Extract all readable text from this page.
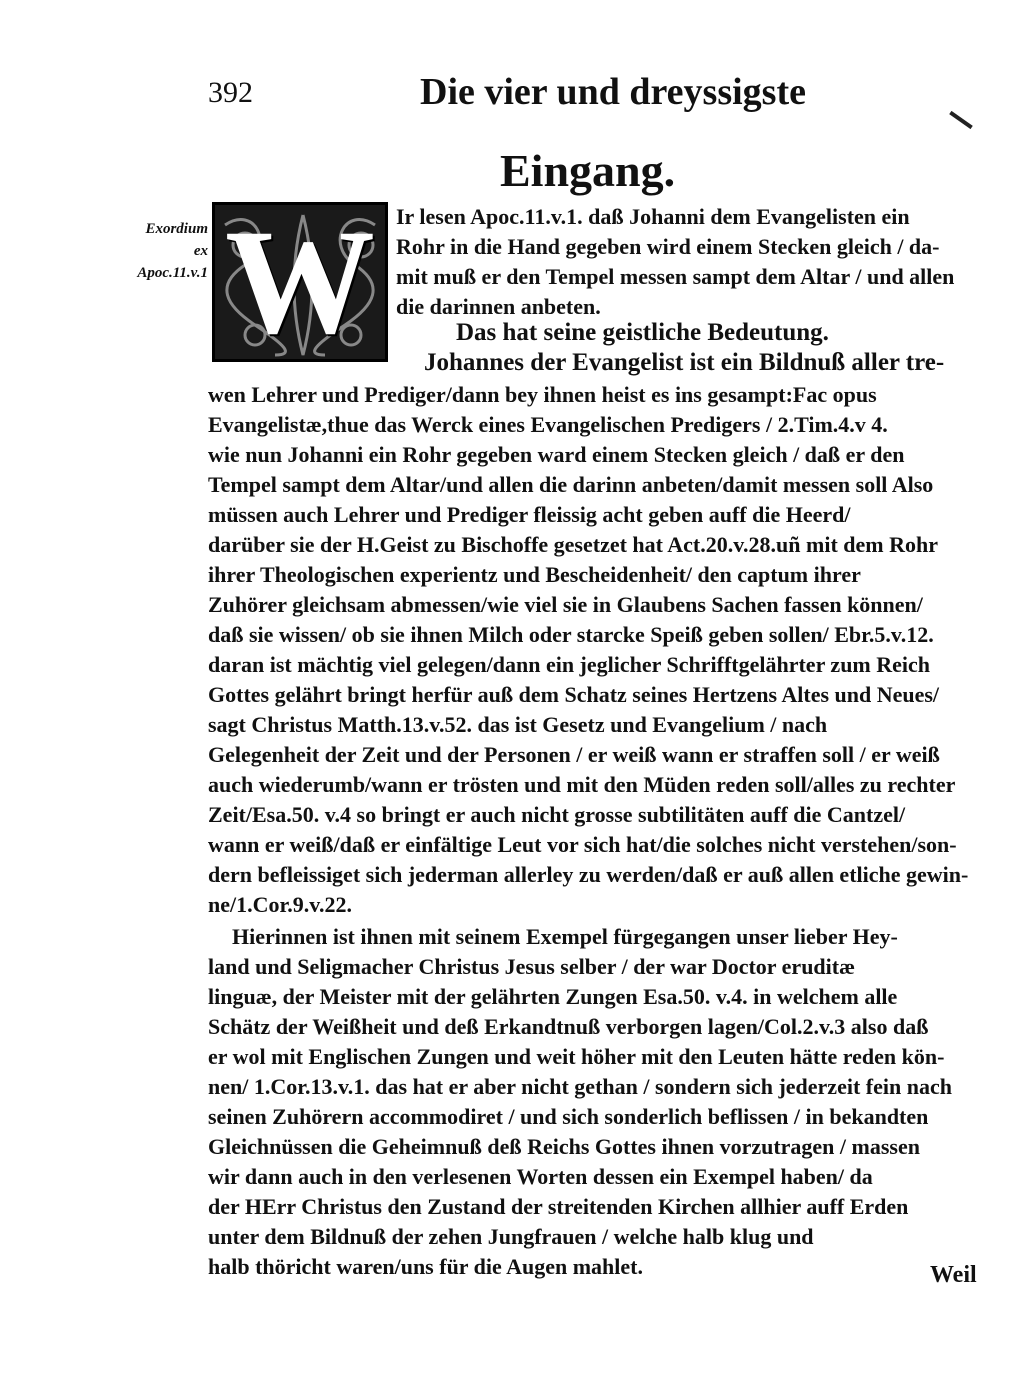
392	Die vier und dreyssigste
Eingang.
Exordium
ex
Apoc.11.v.1 W Ir lesen Apoc.11.v.1. daß Johanni dem Evangelisten ein
Rohr in die Hand gegeben wird einem Stecken gleich / da-
mit muß er den Tempel messen sampt dem Altar / und allen
die darinnen anbeten.
Das hat seine geistliche Bedeutung.
Johannes der Evangelist ist ein Bildnuß aller tre-
wen Lehrer und Prediger/dann bey ihnen heist es ins gesampt:Fac opus
Evangelistæ,thue das Werck eines Evangelischen Predigers / 2.Tim.4.v 4.
wie nun Johanni ein Rohr gegeben ward einem Stecken gleich / daß er den
Tempel sampt dem Altar/und allen die darinn anbeten/damit messen soll Also
müssen auch Lehrer und Prediger fleissig acht geben auff die Heerd/
darüber sie der H.Geist zu Bischoffe gesetzet hat Act.20.v.28.uñ mit dem Rohr
ihrer Theologischen experientz und Bescheidenheit/ den captum ihrer
Zuhörer gleichsam abmessen/wie viel sie in Glaubens Sachen fassen können/
daß sie wissen/ ob sie ihnen Milch oder starcke Speiß geben sollen/ Ebr.5.v.12.
daran ist mächtig viel gelegen/dann ein jeglicher Schrifftgelährter zum Reich
Gottes gelährt bringt herfür auß dem Schatz seines Hertzens Altes und Neues/
sagt Christus Matth.13.v.52. das ist Gesetz und Evangelium / nach
Gelegenheit der Zeit und der Personen / er weiß wann er straffen soll / er weiß
auch wiederumb/wann er trösten und mit den Müden reden soll/alles zu rechter
Zeit/Esa.50. v.4 so bringt er auch nicht grosse subtilitäten auff die Cantzel/
wann er weiß/daß er einfältige Leut vor sich hat/die solches nicht verstehen/son-
dern befleissiget sich jederman allerley zu werden/daß er auß allen etliche gewin-
ne/1.Cor.9.v.22.
Hierinnen ist ihnen mit seinem Exempel fürgegangen unser lieber Hey-
land und Seligmacher Christus Jesus selber / der war Doctor eruditæ
linguæ, der Meister mit der gelährten Zungen Esa.50. v.4. in welchem alle
Schätz der Weißheit und deß Erkandtnuß verborgen lagen/Col.2.v.3 also daß
er wol mit Englischen Zungen und weit höher mit den Leuten hätte reden kön-
nen/ 1.Cor.13.v.1. das hat er aber nicht gethan / sondern sich jederzeit fein nach
seinen Zuhörern accommodiret / und sich sonderlich beflissen / in bekandten
Gleichnüssen die Geheimnuß deß Reichs Gottes ihnen vorzutragen / massen
wir dann auch in den verlesenen Worten dessen ein Exempel haben/ da
der HErr Christus den Zustand der streitenden Kirchen allhier auff Erden
unter dem Bildnuß der zehen Jungfrauen / welche halb klug und
halb thöricht waren/uns für die Augen mahlet.	Weil
